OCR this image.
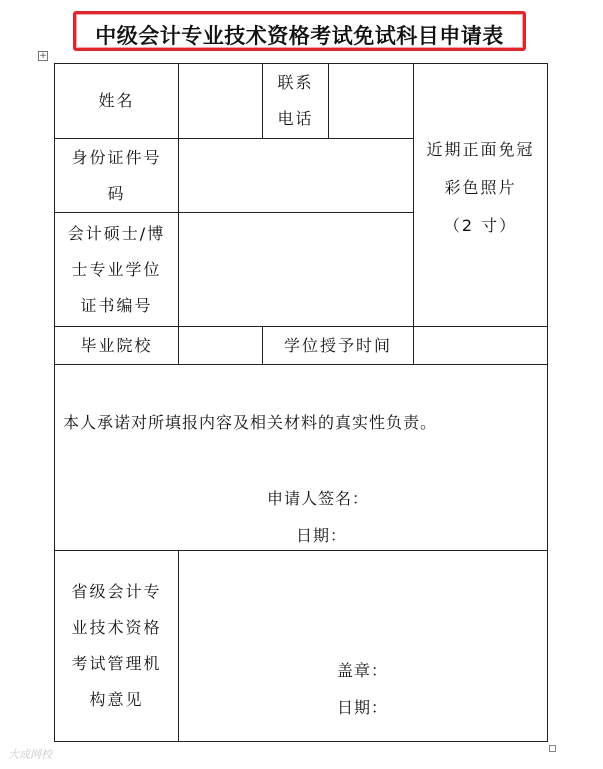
中级会计专业技术资格考试免试科目申请表
+
姓名
联系
电话
近期正面免冠
彩色照片
（2 寸）
身份证件号
码
会计硕士/博
士专业学位
证书编号
毕业院校	学位授予时间
本人承诺对所填报内容及相关材料的真实性负责。
申请人签名：
日期：
省级会计专
业技术资格
考试管理机
构意见
盖章：
日期：
大成网校
